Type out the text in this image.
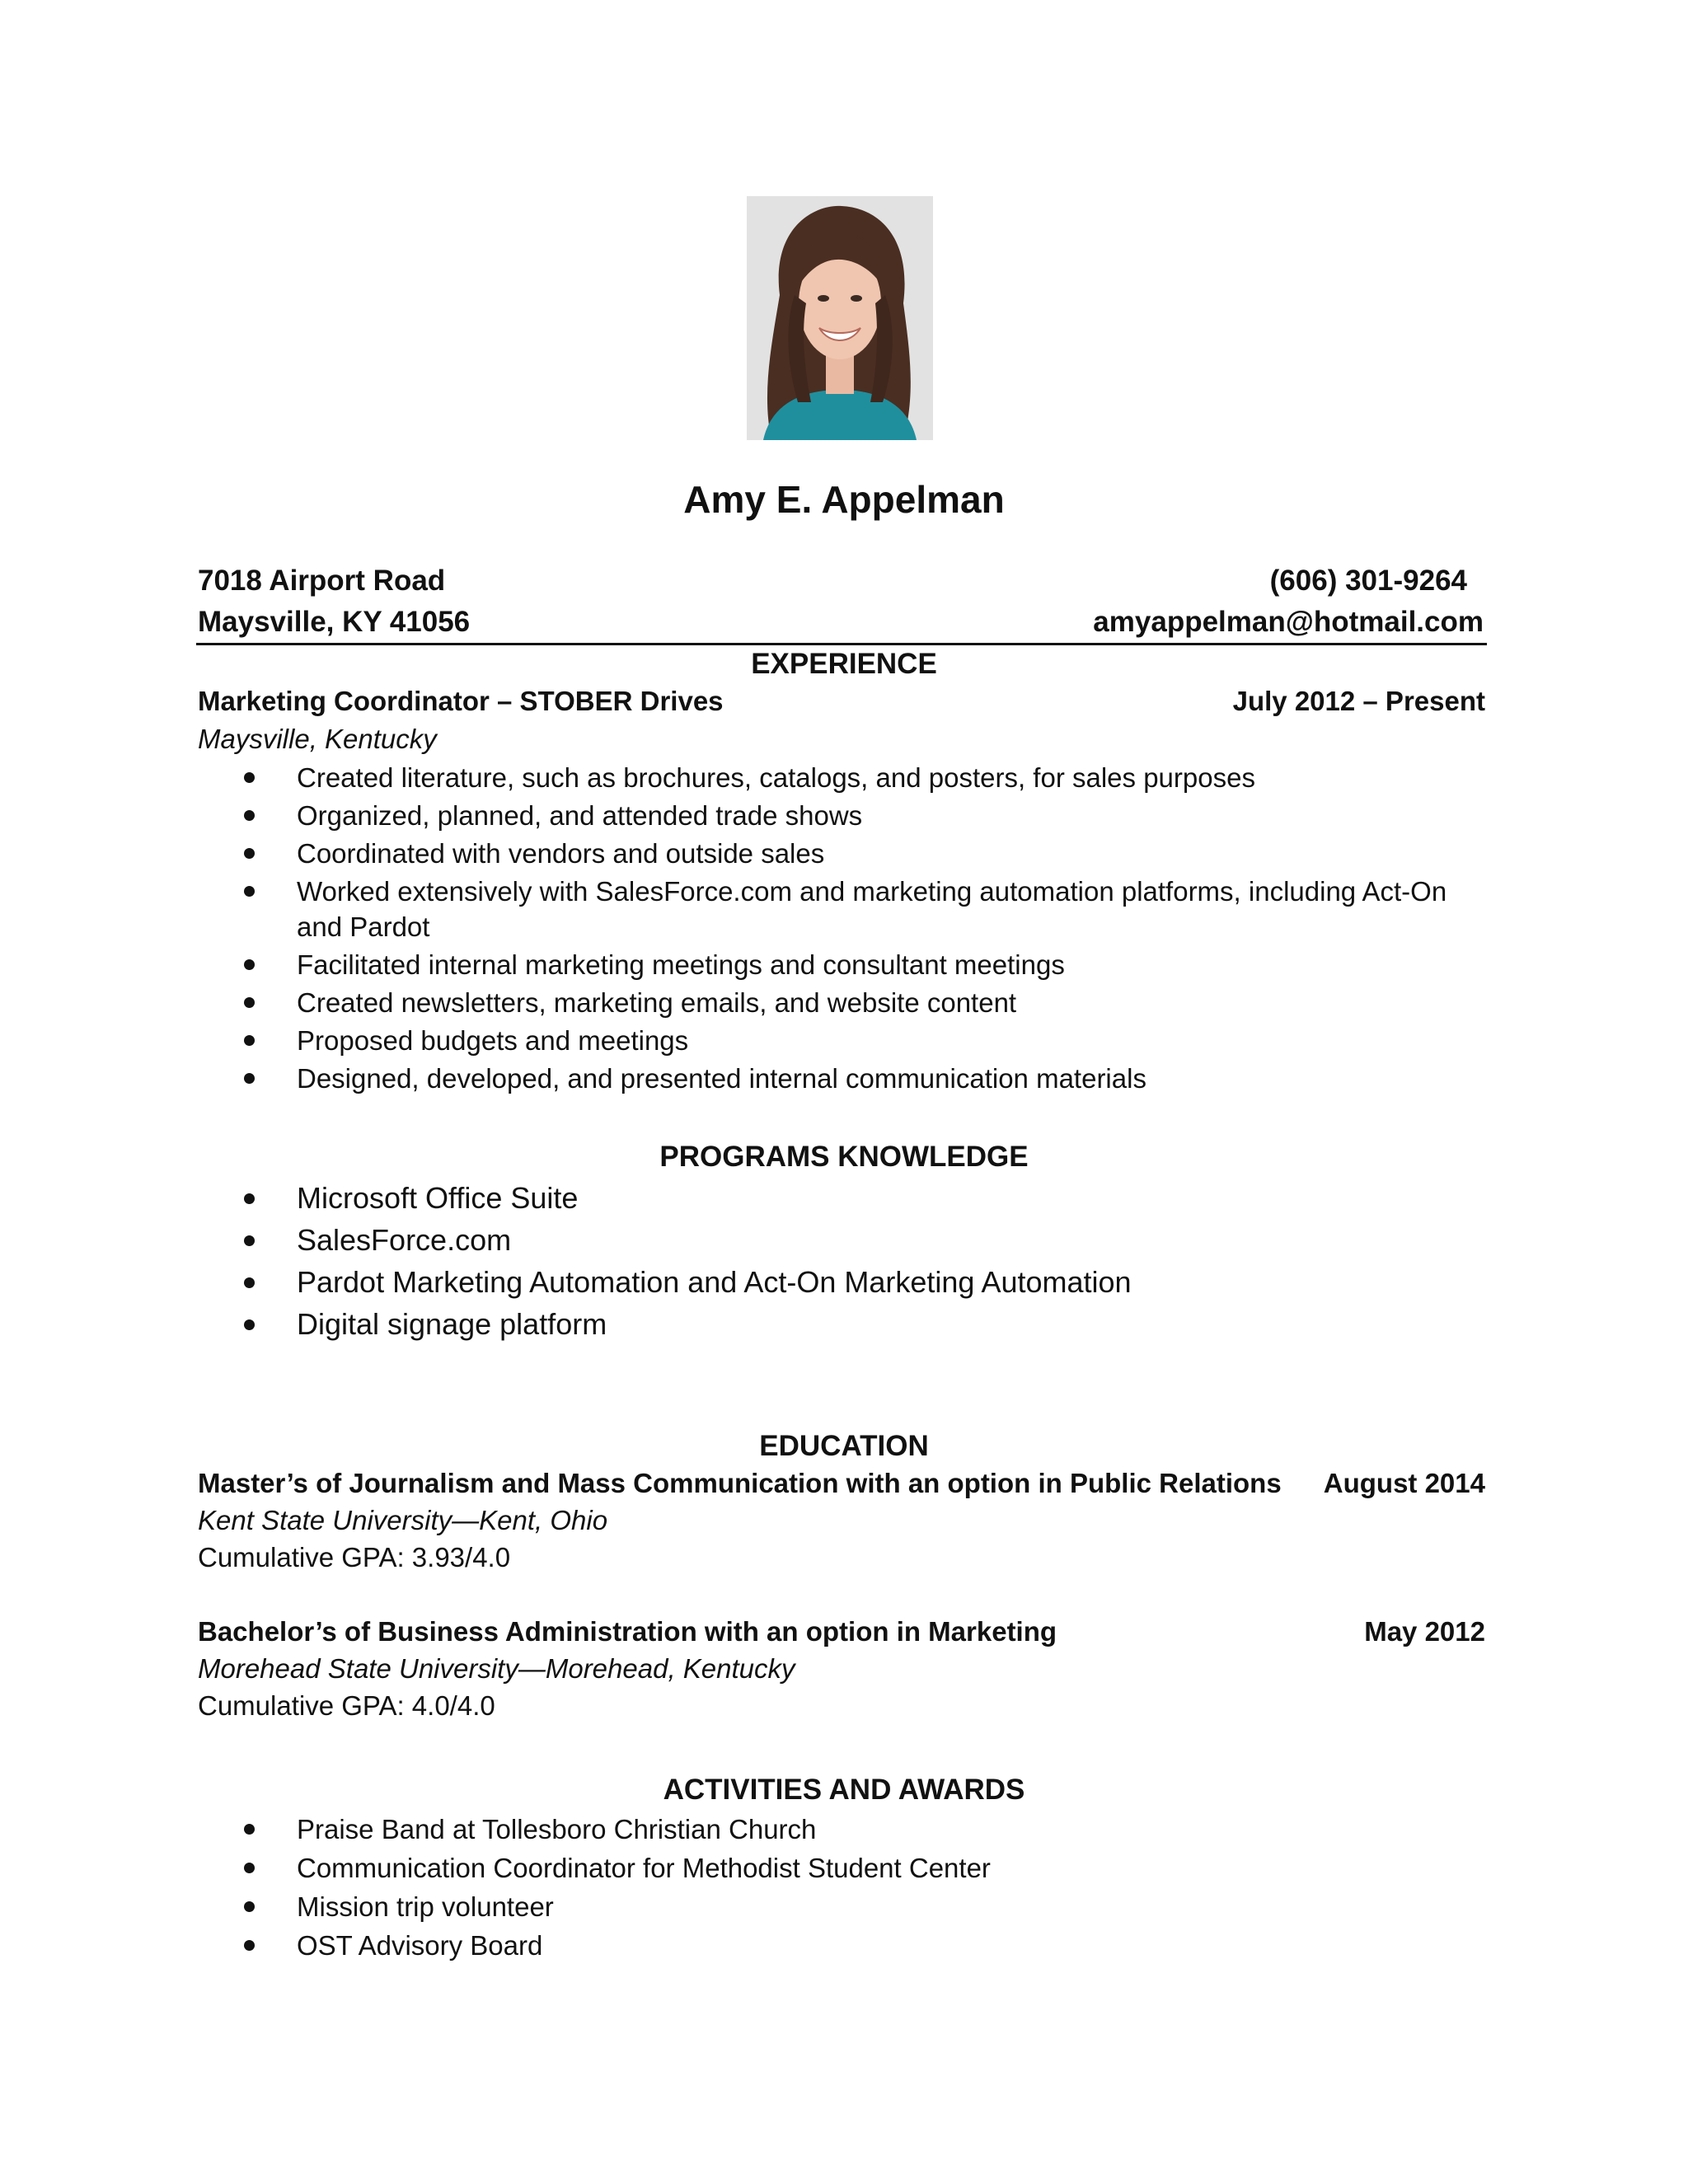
Amy E. Appelman
7018 Airport Road	(606) 301-9264
Maysville, KY 41056	amyappelman@hotmail.com
EXPERIENCE
Marketing Coordinator – STOBER Drives	July 2012 – Present
Maysville, Kentucky
Created literature, such as brochures, catalogs, and posters, for sales purposes
Organized, planned, and attended trade shows
Coordinated with vendors and outside sales
Worked extensively with SalesForce.com and marketing automation platforms, including Act-On and Pardot
Facilitated internal marketing meetings and consultant meetings
Created newsletters, marketing emails, and website content
Proposed budgets and meetings
Designed, developed, and presented internal communication materials
PROGRAMS KNOWLEDGE
Microsoft Office Suite
SalesForce.com
Pardot Marketing Automation and Act-On Marketing Automation
Digital signage platform
EDUCATION
Master’s of Journalism and Mass Communication with an option in Public Relations August 2014
Kent State University—Kent, Ohio
Cumulative GPA: 3.93/4.0
Bachelor’s of Business Administration with an option in Marketing	May 2012
Morehead State University—Morehead, Kentucky
Cumulative GPA: 4.0/4.0
ACTIVITIES AND AWARDS
Praise Band at Tollesboro Christian Church
Communication Coordinator for Methodist Student Center
Mission trip volunteer
OST Advisory Board
